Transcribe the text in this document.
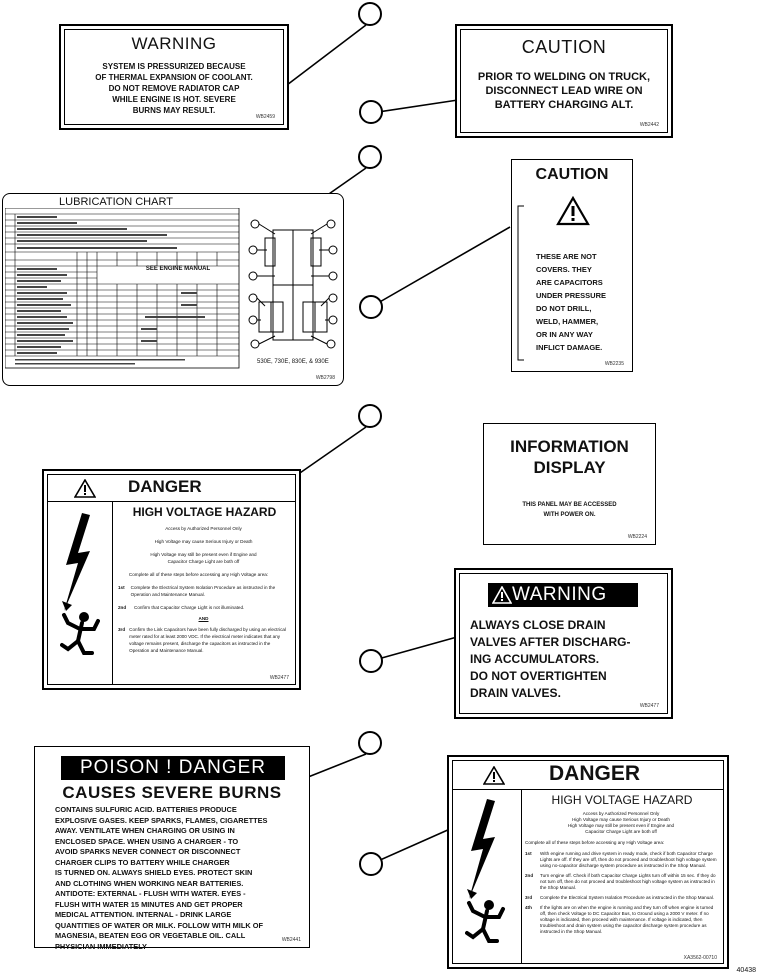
WARNING
SYSTEM IS PRESSURIZED BECAUSE
OF THERMAL EXPANSION OF COOLANT.
DO NOT REMOVE RADIATOR CAP
WHILE ENGINE IS HOT. SEVERE
BURNS MAY RESULT.
WB2459
CAUTION
PRIOR TO WELDING ON TRUCK,
DISCONNECT LEAD WIRE ON
BATTERY CHARGING ALT.
WB2442
LUBRICATION CHART
SEE ENGINE MANUAL
530E, 730E, 830E, & 930E
WB2798
CAUTION
THESE ARE NOT
COVERS. THEY
ARE CAPACITORS
UNDER PRESSURE
DO NOT DRILL,
WELD, HAMMER,
OR IN ANY WAY
INFLICT DAMAGE.
WB2235
INFORMATION
DISPLAY
THIS PANEL MAY BE ACCESSED
WITH POWER ON.
WB2224
DANGER
HIGH VOLTAGE HAZARD
Access by Authorized Personnel Only
High Voltage may cause Serious Injury or Death
High Voltage may still be present even if Engine and
Capacitor Charge Light are both off
Complete all of these steps before accessing any High Voltage area:
1st	Complete the Electrical System Isolation Procedure as instructed in the Operation and Maintenance Manual.
2nd	Confirm that Capacitor Charge Light is not illuminated.
AND
3rd Confirm the Link Capacitors have been fully discharged by using an electrical meter rated for at least 2000 VDC. If the electrical meter indicates that any voltage remains present, discharge the capacitors as instructed in the Operation and Maintenance Manual.
WB2477
WARNING
ALWAYS CLOSE DRAIN
VALVES AFTER DISCHARG-
ING ACCUMULATORS.
DO NOT OVERTIGHTEN
DRAIN VALVES.
WB2477
POISON ! DANGER
CAUSES SEVERE BURNS
CONTAINS SULFURIC ACID. BATTERIES PRODUCE
EXPLOSIVE GASES. KEEP SPARKS, FLAMES, CIGARETTES
AWAY. VENTILATE WHEN CHARGING OR USING IN
ENCLOSED SPACE. WHEN USING A CHARGER - TO
AVOID SPARKS NEVER CONNECT OR DISCONNECT
CHARGER CLIPS TO BATTERY WHILE CHARGER
IS TURNED ON. ALWAYS SHIELD EYES. PROTECT SKIN
AND CLOTHING WHEN WORKING NEAR BATTERIES.
ANTIDOTE: EXTERNAL - FLUSH WITH WATER. EYES -
FLUSH WITH WATER 15 MINUTES AND GET PROPER
MEDICAL ATTENTION. INTERNAL - DRINK LARGE
QUANTITIES OF WATER OR MILK. FOLLOW WITH MILK OF
MAGNESIA, BEATEN EGG OR VEGETABLE OIL. CALL
PHYSICIAN IMMEDIATELY
WB2441
DANGER
HIGH VOLTAGE HAZARD
Access by Authorized Personnel Only
High Voltage may cause Serious Injury or Death
High Voltage may still be present even if Engine and
Capacitor Charge Light are both off
Complete all of these steps before accessing any High Voltage area:
1st	With engine running and drive system in ready mode, check if both Capacitor Charge Lights are off. If they are off, then do not proceed and troubleshoot high voltage system using no-capacitor discharge system procedure as instructed in the Shop Manual.
2nd	Turn engine off. Check if both Capacitor Charge Lights turn off within 15 sec. If they do not turn off, then do not proceed and troubleshoot high voltage system as instructed in the Shop Manual.
3rd	Complete the Electrical System Isolation Procedure as instructed in the Shop Manual.
4th	If the lights are on when the engine is running and they turn off when engine is turned off, then check Voltage to DC Capacitor Bus, to Ground using a 2000 V meter. If no voltage is indicated, then proceed with maintenance. If voltage is indicated, then troubleshoot and drain system using the capacitor discharge system procedure as instructed in the Shop Manual.
XA3562-00710
40438
